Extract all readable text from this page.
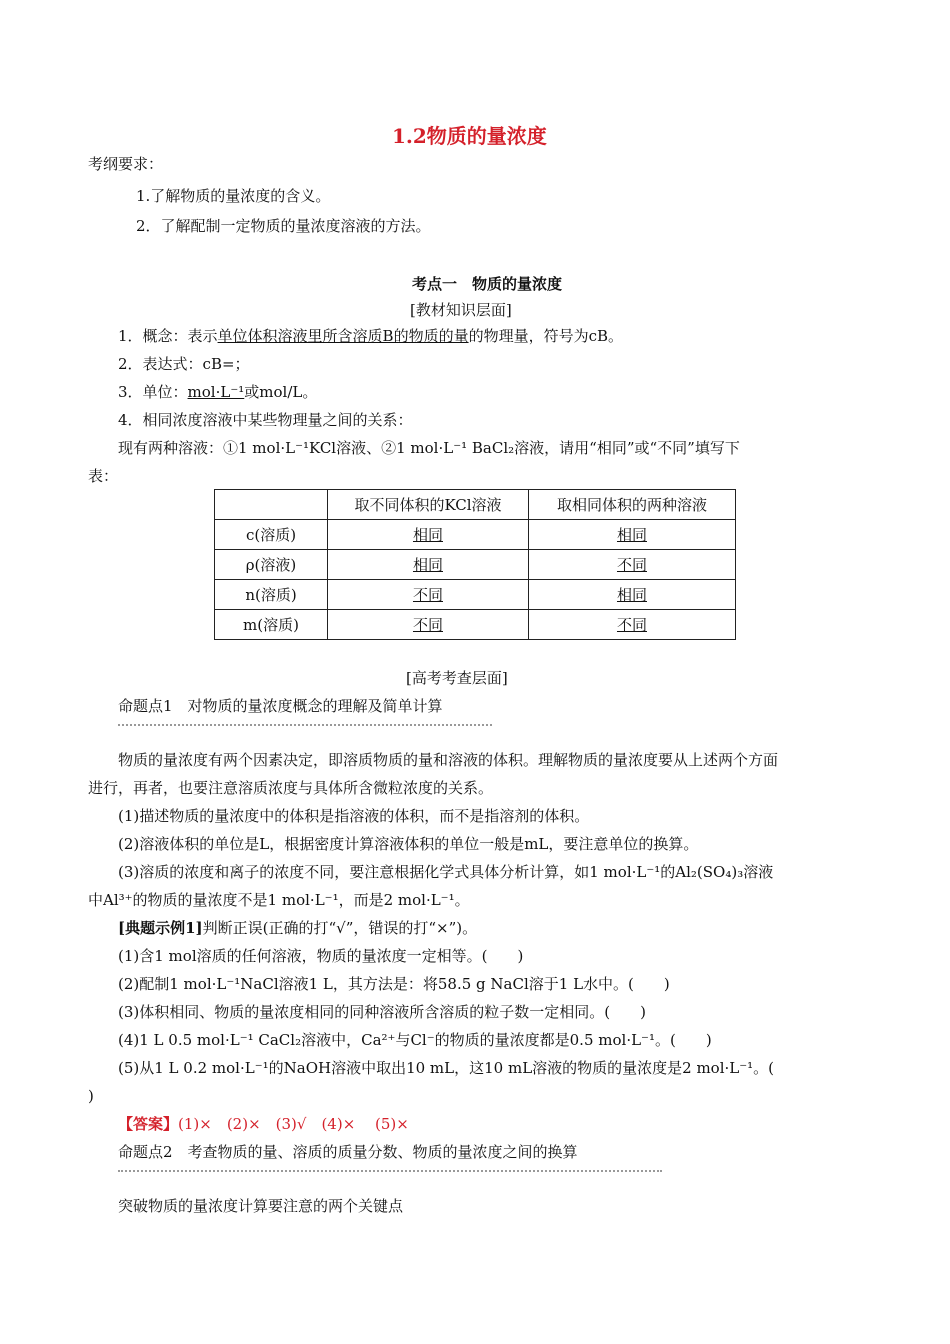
1.2物质的量浓度
考纲要求：
1.了解物质的量浓度的含义。
2．了解配制一定物质的量浓度溶液的方法。
考点一　物质的量浓度
[教材知识层面]
1．概念：表示单位体积溶液里所含溶质B的物质的量的物理量，符号为cB。
2．表达式：cB=；
3．单位：mol·L⁻¹或mol/L。
4．相同浓度溶液中某些物理量之间的关系：
现有两种溶液：①1 mol·L⁻¹KCl溶液、②1 mol·L⁻¹ BaCl₂溶液，请用“相同”或“不同”填写下
表：
	取不同体积的KCl溶液	取相同体积的两种溶液
c(溶质)	相同	相同
ρ(溶液)	相同	不同
n(溶质)	不同	相同
m(溶质)	不同	不同
[高考考查层面]
命题点1　对物质的量浓度概念的理解及简单计算
物质的量浓度有两个因素决定，即溶质物质的量和溶液的体积。理解物质的量浓度要从上述两个方面
进行，再者，也要注意溶质浓度与具体所含微粒浓度的关系。
(1)描述物质的量浓度中的体积是指溶液的体积，而不是指溶剂的体积。
(2)溶液体积的单位是L，根据密度计算溶液体积的单位一般是mL，要注意单位的换算。
(3)溶质的浓度和离子的浓度不同，要注意根据化学式具体分析计算，如1 mol·L⁻¹的Al₂(SO₄)₃溶液
中Al³⁺的物质的量浓度不是1 mol·L⁻¹，而是2 mol·L⁻¹。
[典题示例1]判断正误(正确的打“√”，错误的打“×”)。
(1)含1 mol溶质的任何溶液，物质的量浓度一定相等。(　　)
(2)配制1 mol·L⁻¹NaCl溶液1 L，其方法是：将58.5 g NaCl溶于1 L水中。(　　)
(3)体积相同、物质的量浓度相同的同种溶液所含溶质的粒子数一定相同。(　　)
(4)1 L 0.5 mol·L⁻¹ CaCl₂溶液中，Ca²⁺与Cl⁻的物质的量浓度都是0.5 mol·L⁻¹。(　　)
(5)从1 L 0.2 mol·L⁻¹的NaOH溶液中取出10 mL，这10 mL溶液的物质的量浓度是2 mol·L⁻¹。(
)
【答案】(1)×　(2)×　(3)√　(4)×　 (5)×
命题点2　考查物质的量、溶质的质量分数、物质的量浓度之间的换算
突破物质的量浓度计算要注意的两个关键点
